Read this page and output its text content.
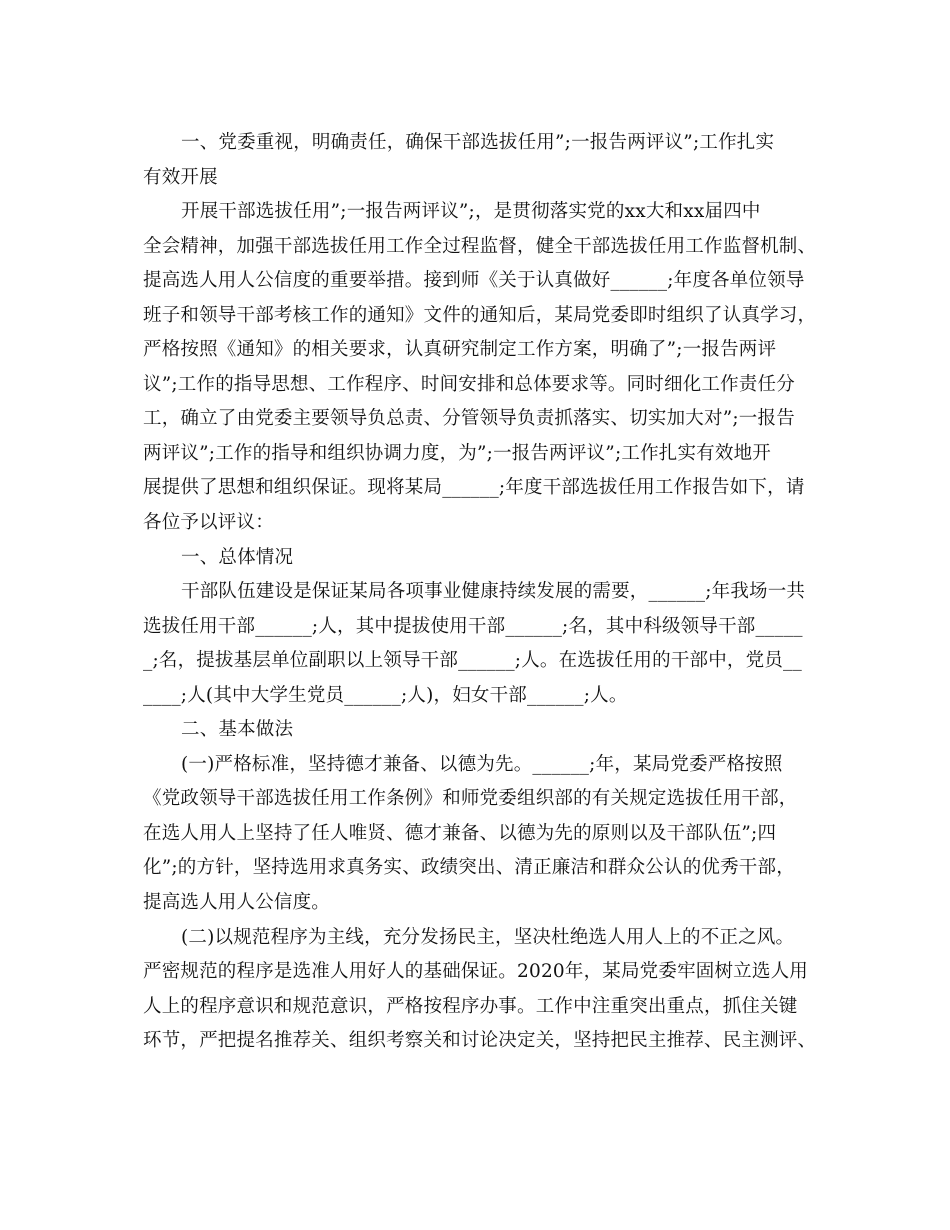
一、党委重视，明确责任，确保干部选拔任用”;一报告两评议”;工作扎实
有效开展
开展干部选拔任用”;一报告两评议”;，是贯彻落实党的xx大和xx届四中
全会精神，加强干部选拔任用工作全过程监督，健全干部选拔任用工作监督机制、
提高选人用人公信度的重要举措。接到师《关于认真做好______;年度各单位领导
班子和领导干部考核工作的通知》文件的通知后，某局党委即时组织了认真学习，
严格按照《通知》的相关要求，认真研究制定工作方案，明确了”;一报告两评
议”;工作的指导思想、工作程序、时间安排和总体要求等。同时细化工作责任分
工，确立了由党委主要领导负总责、分管领导负责抓落实、切实加大对”;一报告
两评议”;工作的指导和组织协调力度，为”;一报告两评议”;工作扎实有效地开
展提供了思想和组织保证。现将某局______;年度干部选拔任用工作报告如下，请
各位予以评议：
一、总体情况
干部队伍建设是保证某局各项事业健康持续发展的需要，______;年我场一共
选拔任用干部______;人，其中提拔使用干部______;名，其中科级领导干部_____
_;名，提拔基层单位副职以上领导干部______;人。在选拔任用的干部中，党员__
____;人(其中大学生党员______;人)，妇女干部______;人。
二、基本做法
(一)严格标准，坚持德才兼备、以德为先。______;年，某局党委严格按照
《党政领导干部选拔任用工作条例》和师党委组织部的有关规定选拔任用干部，
在选人用人上坚持了任人唯贤、德才兼备、以德为先的原则以及干部队伍”;四
化”;的方针，坚持选用求真务实、政绩突出、清正廉洁和群众公认的优秀干部，
提高选人用人公信度。
(二)以规范程序为主线，充分发扬民主，坚决杜绝选人用人上的不正之风。
严密规范的程序是选准人用好人的基础保证。2020年，某局党委牢固树立选人用
人上的程序意识和规范意识，严格按程序办事。工作中注重突出重点，抓住关键
环节，严把提名推荐关、组织考察关和讨论决定关，坚持把民主推荐、民主测评、
